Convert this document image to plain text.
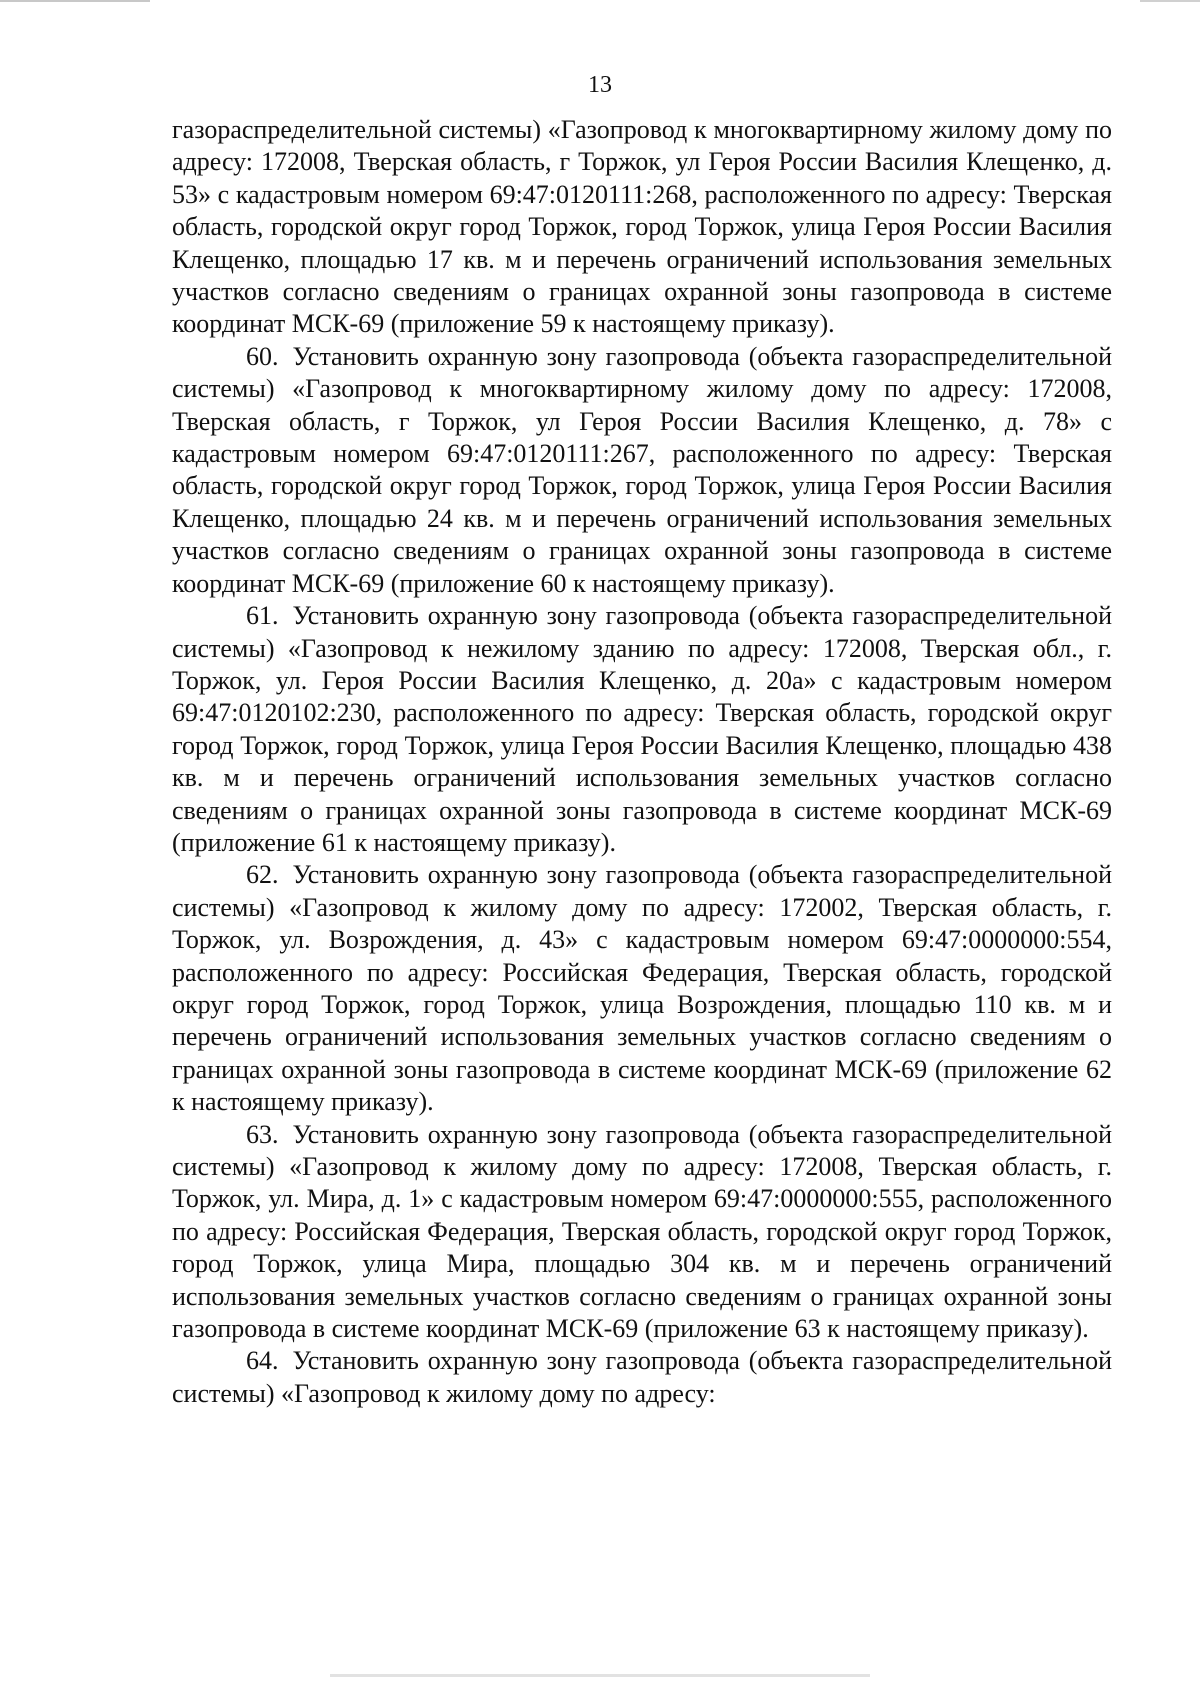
13

газораспределительной системы) «Газопровод к многоквартирному жилому дому по адресу: 172008, Тверская область, г Торжок, ул Героя России Василия Клещенко, д. 53» с кадастровым номером 69:47:0120111:268, расположенного по адресу: Тверская область, городской округ город Торжок, город Торжок, улица Героя России Василия Клещенко, площадью 17 кв. м и перечень ограничений использования земельных участков согласно сведениям о границах охранной зоны газопровода в системе координат МСК-69 (приложение 59 к настоящему приказу).

60. Установить охранную зону газопровода (объекта газораспределительной системы) «Газопровод к многоквартирному жилому дому по адресу: 172008, Тверская область, г Торжок, ул Героя России Василия Клещенко, д. 78» с кадастровым номером 69:47:0120111:267, расположенного по адресу: Тверская область, городской округ город Торжок, город Торжок, улица Героя России Василия Клещенко, площадью 24 кв. м и перечень ограничений использования земельных участков согласно сведениям о границах охранной зоны газопровода в системе координат МСК-69 (приложение 60 к настоящему приказу).

61. Установить охранную зону газопровода (объекта газораспределительной системы) «Газопровод к нежилому зданию по адресу: 172008, Тверская обл., г. Торжок, ул. Героя России Василия Клещенко, д. 20а» с кадастровым номером 69:47:0120102:230, расположенного по адресу: Тверская область, городской округ город Торжок, город Торжок, улица Героя России Василия Клещенко, площадью 438 кв. м и перечень ограничений использования земельных участков согласно сведениям о границах охранной зоны газопровода в системе координат МСК-69 (приложение 61 к настоящему приказу).

62. Установить охранную зону газопровода (объекта газораспределительной системы) «Газопровод к жилому дому по адресу: 172002, Тверская область, г. Торжок, ул. Возрождения, д. 43» с кадастровым номером 69:47:0000000:554, расположенного по адресу: Российская Федерация, Тверская область, городской округ город Торжок, город Торжок, улица Возрождения, площадью 110 кв. м и перечень ограничений использования земельных участков согласно сведениям о границах охранной зоны газопровода в системе координат МСК-69 (приложение 62 к настоящему приказу).

63. Установить охранную зону газопровода (объекта газораспределительной системы) «Газопровод к жилому дому по адресу: 172008, Тверская область, г. Торжок, ул. Мира, д. 1» с кадастровым номером 69:47:0000000:555, расположенного по адресу: Российская Федерация, Тверская область, городской округ город Торжок, город Торжок, улица Мира, площадью 304 кв. м и перечень ограничений использования земельных участков согласно сведениям о границах охранной зоны газопровода в системе координат МСК-69 (приложение 63 к настоящему приказу).

64. Установить охранную зону газопровода (объекта газораспределительной системы) «Газопровод к жилому дому по адресу:
